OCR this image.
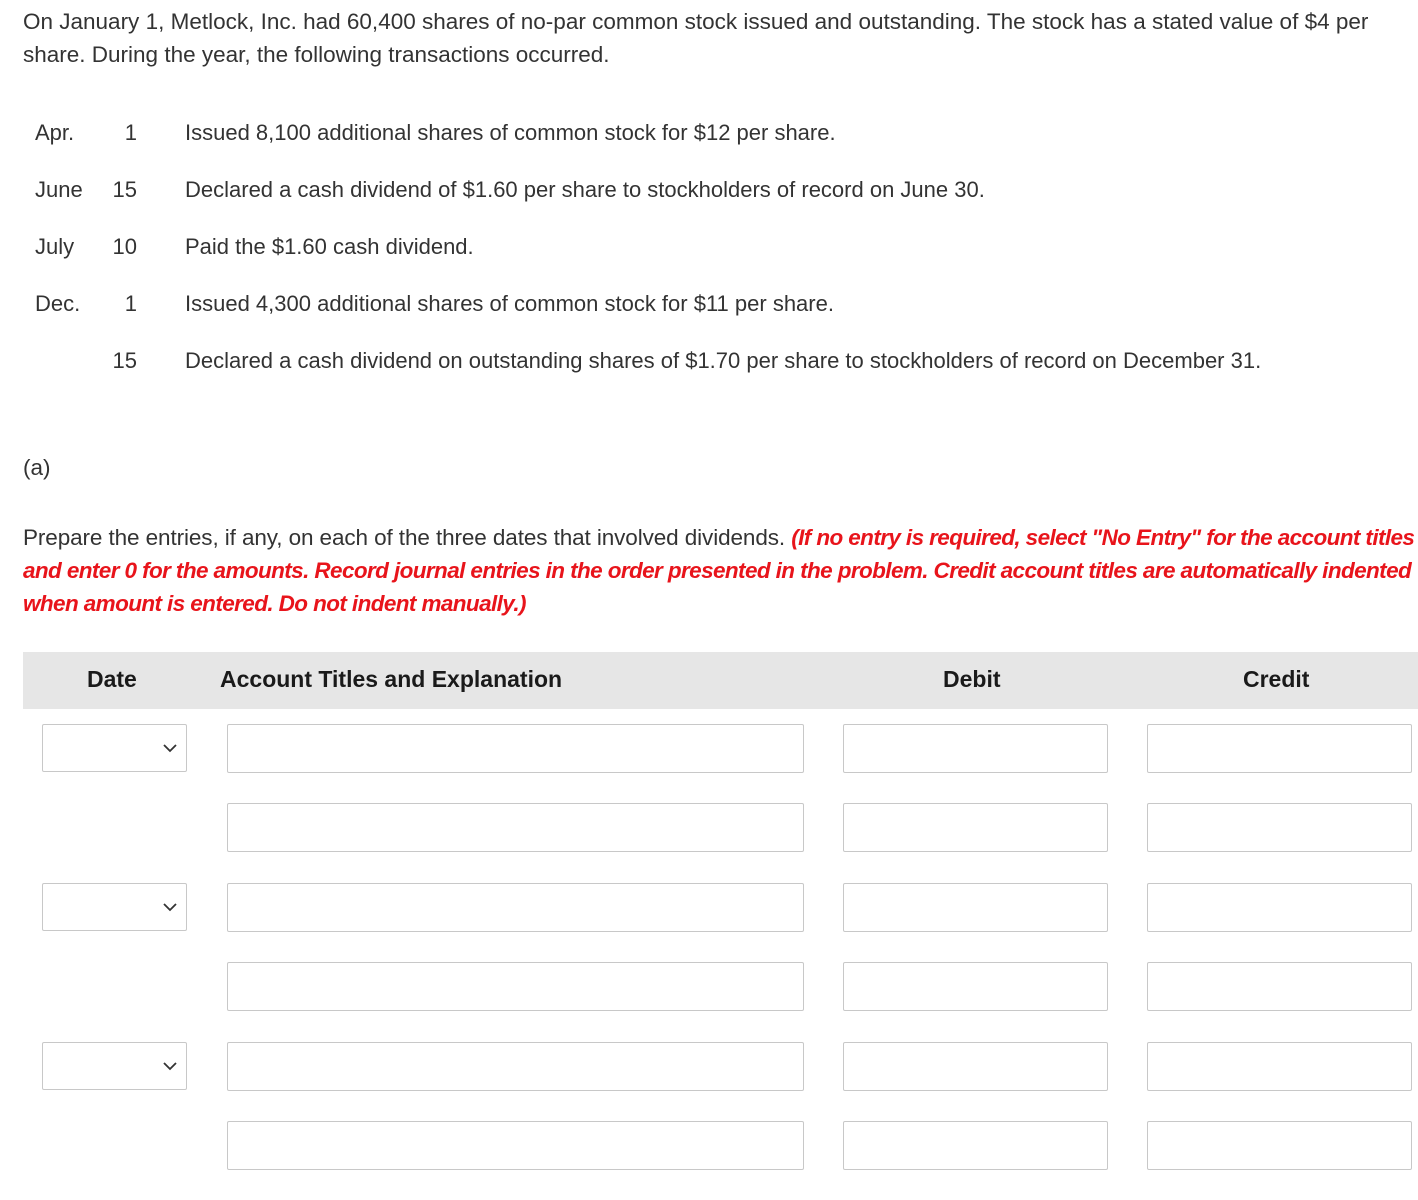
On January 1, Metlock, Inc. had 60,400 shares of no-par common stock issued and outstanding. The stock has a stated value of $4 per share. During the year, the following transactions occurred.
Apr.	1 Issued 8,100 additional shares of common stock for $12 per share.
June	15 Declared a cash dividend of $1.60 per share to stockholders of record on June 30.
July	10 Paid the $1.60 cash dividend.
Dec.	1 Issued 4,300 additional shares of common stock for $11 per share.
15 Declared a cash dividend on outstanding shares of $1.70 per share to stockholders of record on December 31.
(a)
Prepare the entries, if any, on each of the three dates that involved dividends. (If no entry is required, select "No Entry" for the account titles and enter 0 for the amounts. Record journal entries in the order presented in the problem. Credit account titles are automatically indented when amount is entered. Do not indent manually.)
Date	Account Titles and Explanation	Debit	Credit
